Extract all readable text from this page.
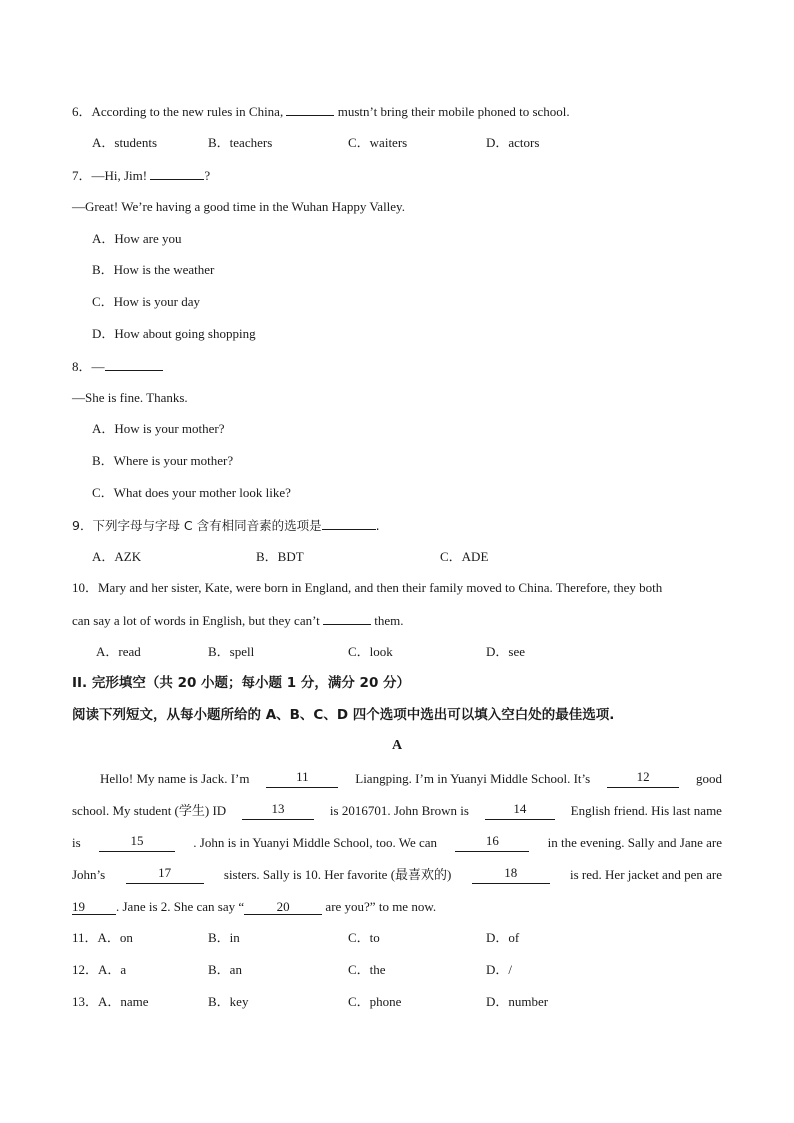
6．According to the new rules in China,	mustn’t bring their mobile phoned to school.
A．students	B．teachers	C．waiters	D．actors
7．—Hi, Jim!	?
—Great! We’re having a good time in the Wuhan Happy Valley.
A．How are you
B．How is the weather
C．How is your day
D．How about going shopping
8．—
—She is fine. Thanks.
A．How is your mother?
B．Where is your mother?
C．What does your mother look like?
9．下列字母与字母 C 含有相同音素的选项是	.
A．AZK	B．BDT	C．ADE
10．Mary and her sister, Kate, were born in England, and then their family moved to China. Therefore, they both
can say a lot of words in English, but they can’t	them.
A．read	B．spell	C．look	D．see
II. 完形填空（共 20 小题；每小题 1 分，满分 20 分）
阅读下列短文，从每小题所给的 A、B、C、D 四个选项中选出可以填入空白处的最佳选项.
A
Hello! My name is Jack. I’m	11	Liangping. I’m in Yuanyi Middle School. It’s	12	good
school. My student (学生) ID	13	is 2016701. John Brown is	14	English friend. His last name
is	15	. John is in Yuanyi Middle School, too. We can	16	in the evening. Sally and Jane are
John’s	17	sisters. Sally is 10. Her favorite (最喜欢的)	18	is red. Her jacket and pen are
19 . Jane is 2. She can say “	20	are you?” to me now.
11．A．on	B．in	C．to	D．of
12．A．a	B．an	C．the	D．/
13．A．name	B．key	C．phone	D．number
